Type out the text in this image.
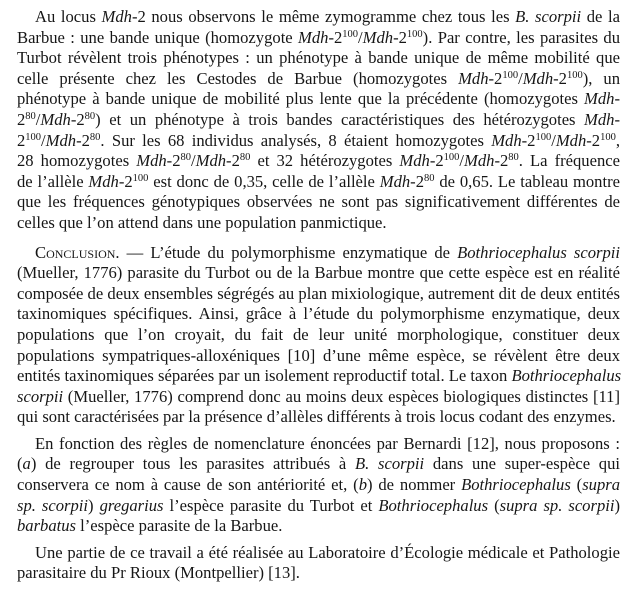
Au locus Mdh-2 nous observons le même zymogramme chez tous les B. scorpii de la
Barbue : une bande unique (homozygote Mdh-$2^{100}/Mdh-2^{100}$). Par contre, les parasites du
Turbot révèlent trois phénotypes : un phénotype à bande unique de même mobilité que
celle présente chez les Cestodes de Barbue (homozygotes Mdh-$2^{100}/Mdh-2^{100}$), un
phénotype à bande unique de mobilité plus lente que la précédente (homozygotes Mdh-
$2^{80}/Mdh-2^{80}$) et un phénotype à trois bandes caractéristiques des hétérozygotes Mdh-
$2^{100}/Mdh-2^{80}$. Sur les 68 individus analysés, 8 étaient homozygotes Mdh-$2^{100}/Mdh-2^{100}$,
28 homozygotes Mdh-$2^{80}/Mdh-2^{80}$ et 32 hétérozygotes Mdh-$2^{100}/Mdh-2^{80}$. La fréquence
de l’allèle Mdh-$2^{100}$ est donc de 0,35, celle de l’allèle Mdh-$2^{80}$ de 0,65. Le tableau montre
que les fréquences génotypiques observées ne sont pas significativement différentes de
celles que l’on attend dans une population panmictique.
Conclusion. — L’étude du polymorphisme enzymatique de Bothriocephalus scorpii
(Mueller, 1776) parasite du Turbot ou de la Barbue montre que cette espèce est en réalité
composée de deux ensembles ségrégés au plan mixiologique, autrement dit de deux entités
taxinomiques spécifiques. Ainsi, grâce à l’étude du polymorphisme enzymatique, deux
populations que l’on croyait, du fait de leur unité morphologique, constituer deux
populations sympatriques-alloxéniques [10] d’une même espèce, se révèlent être deux
entités taxinomiques séparées par un isolement reproductif total. Le taxon Bothriocephalus
scorpii (Mueller, 1776) comprend donc au moins deux espèces biologiques distinctes [11]
qui sont caractérisées par la présence d’allèles différents à trois locus codant des enzymes.
En fonction des règles de nomenclature énoncées par Bernardi [12], nous proposons :
(a) de regrouper tous les parasites attribués à B. scorpii dans une super-espèce qui
conservera ce nom à cause de son antériorité et, (b) de nommer Bothriocephalus (supra
sp. scorpii) gregarius l’espèce parasite du Turbot et Bothriocephalus (supra sp. scorpii)
barbatus l’espèce parasite de la Barbue.
Une partie de ce travail a été réalisée au Laboratoire d’Écologie médicale et Pathologie
parasitaire du Pr Rioux (Montpellier) [13].
